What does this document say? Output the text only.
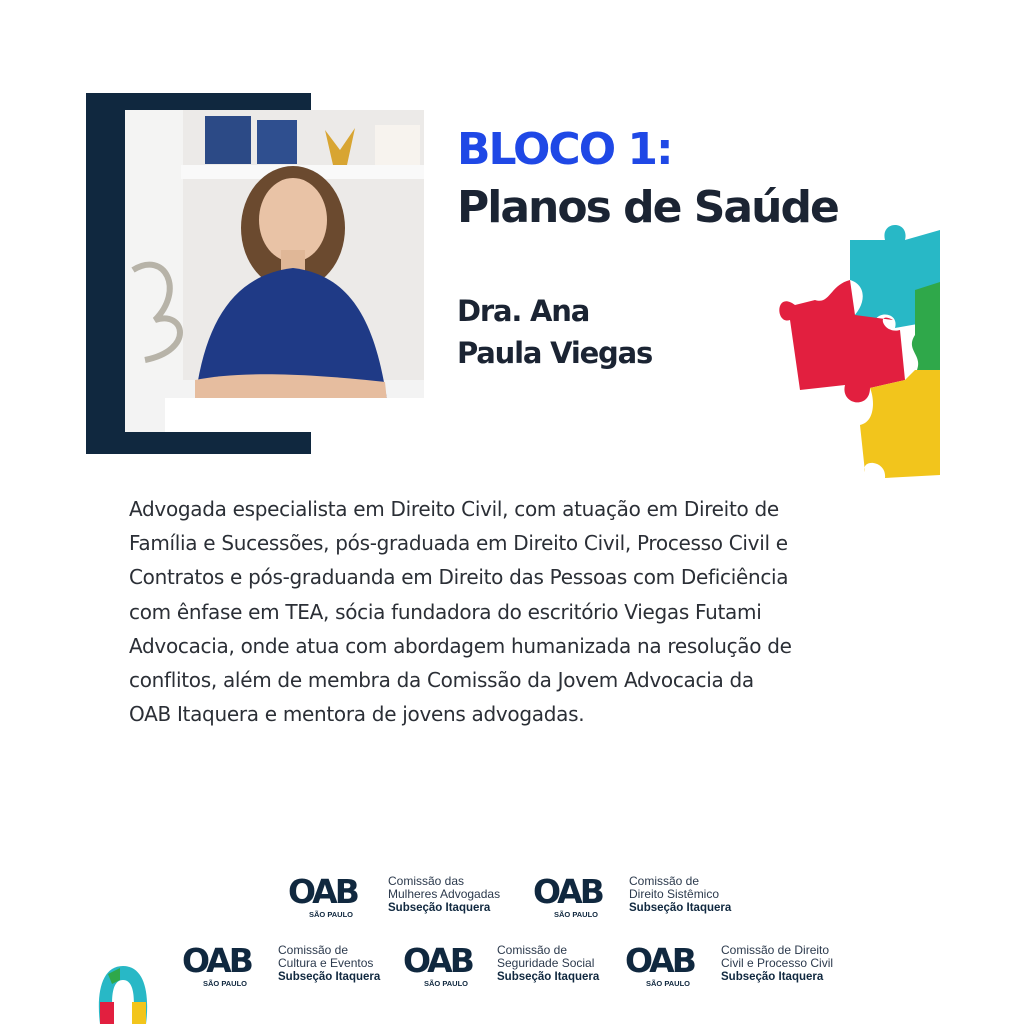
BLOCO 1:
Planos de Saúde
Dra. Ana
Paula Viegas
Advogada especialista em Direito Civil, com atuação em Direito de
Família e Sucessões, pós-graduada em Direito Civil, Processo Civil e
Contratos e pós-graduanda em Direito das Pessoas com Deficiência
com ênfase em TEA, sócia fundadora do escritório Viegas Futami
Advocacia, onde atua com abordagem humanizada na resolução de
conflitos, além de membra da Comissão da Jovem Advocacia da
OAB Itaquera e mentora de jovens advogadas.
OAB
SÃO PAULO
Comissão das
Mulheres Advogadas
Subseção Itaquera OAB
SÃO PAULO
Comissão de
Direito Sistêmico
Subseção Itaquera
OAB
SÃO PAULO
Comissão de
Cultura e Eventos
Subseção Itaquera OAB
SÃO PAULO
Comissão de
Seguridade Social
Subseção Itaquera OAB
SÃO PAULO
Comissão de Direito
Civil e Processo Civil
Subseção Itaquera
